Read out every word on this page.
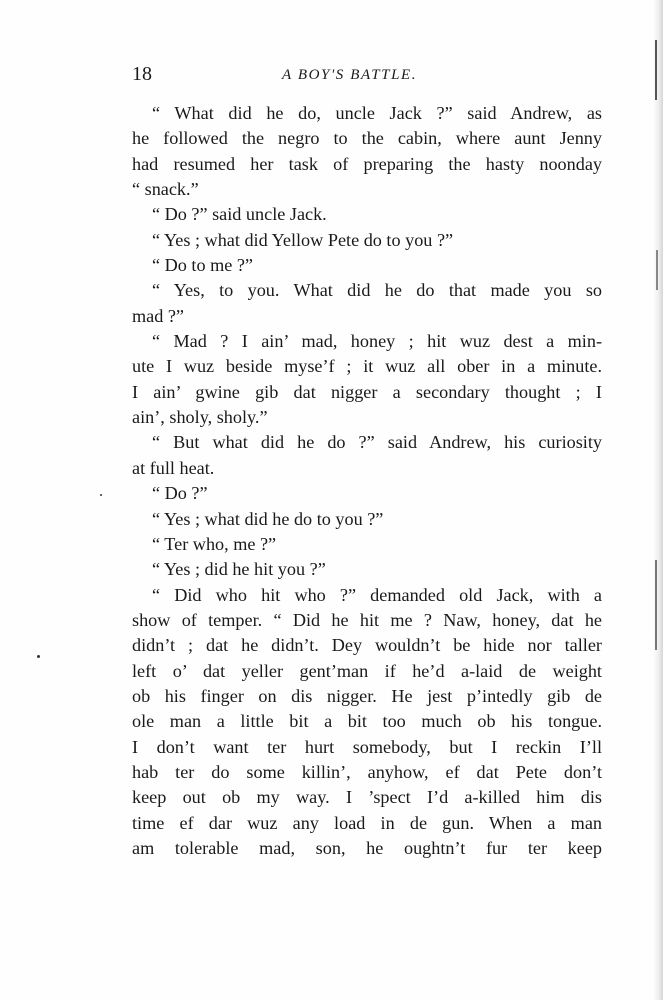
18	A BOY'S BATTLE.
“ What did he do, uncle Jack ?” said Andrew, as
he followed the negro to the cabin, where aunt Jenny
had resumed her task of preparing the hasty noonday
“ snack.”
“ Do ?” said uncle Jack.
“ Yes ; what did Yellow Pete do to you ?”
“ Do to me ?”
“ Yes, to you. What did he do that made you so
mad ?”
“ Mad ? I ain’ mad, honey ; hit wuz dest a min-
ute I wuz beside myse’f ; it wuz all ober in a minute.
I ain’ gwine gib dat nigger a secondary thought ; I
ain’, sholy, sholy.”
“ But what did he do ?” said Andrew, his curiosity
at full heat.
“ Do ?”
“ Yes ; what did he do to you ?”
“ Ter who, me ?”
“ Yes ; did he hit you ?”
“ Did who hit who ?” demanded old Jack, with a
show of temper. “ Did he hit me ? Naw, honey, dat he
didn’t ; dat he didn’t. Dey wouldn’t be hide nor taller
left o’ dat yeller gent’man if he’d a-laid de weight
ob his finger on dis nigger. He jest p’intedly gib de
ole man a little bit a bit too much ob his tongue.
I don’t want ter hurt somebody, but I reckin I’ll
hab ter do some killin’, anyhow, ef dat Pete don’t
keep out ob my way. I ’spect I’d a-killed him dis
time ef dar wuz any load in de gun. When a man
am tolerable mad, son, he oughtn’t fur ter keep
